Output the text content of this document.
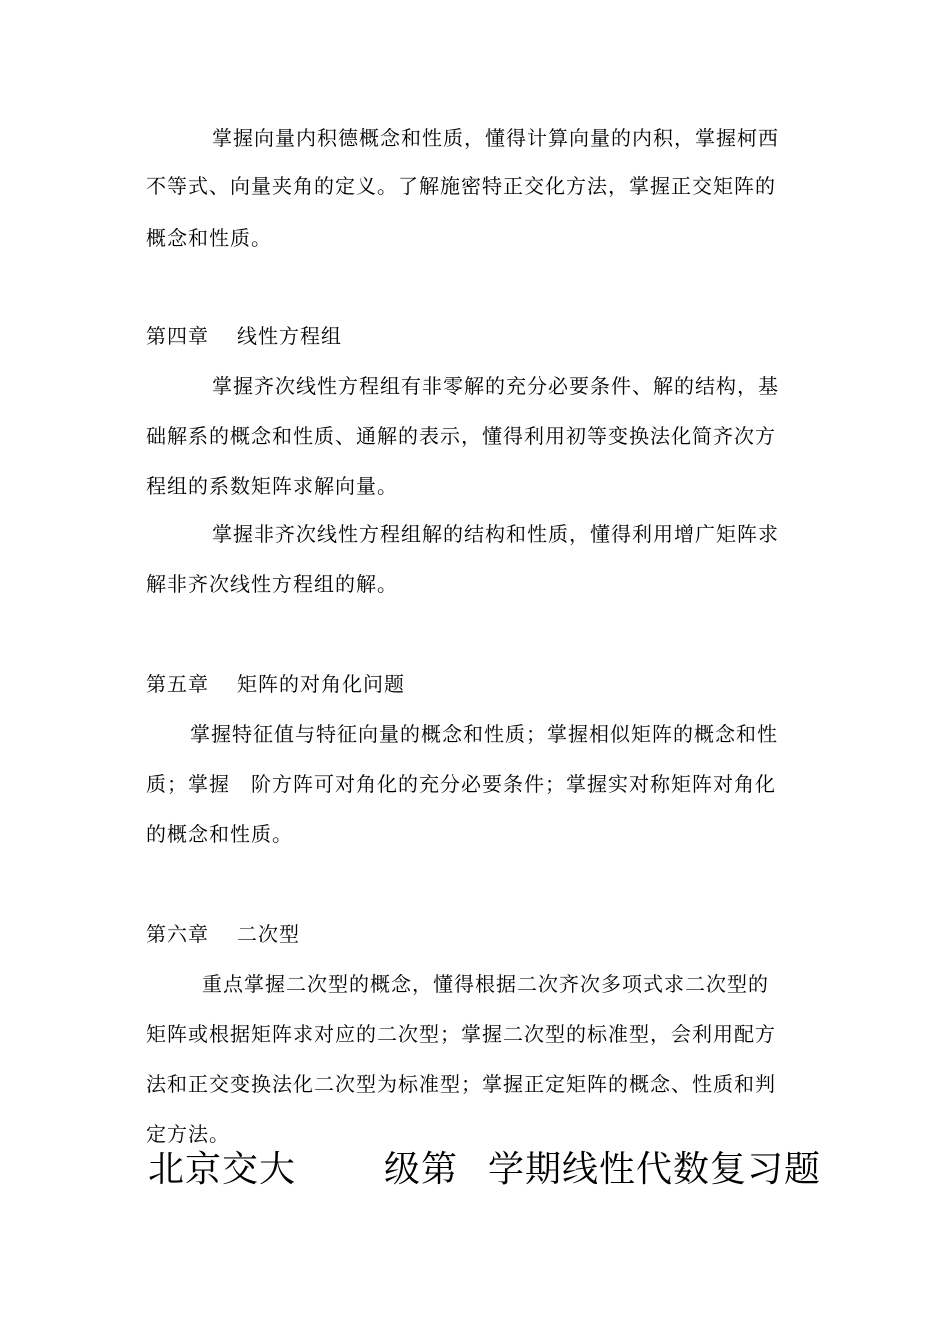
掌握向量内积德概念和性质，懂得计算向量的内积，掌握柯西
不等式、向量夹角的定义。了解施密特正交化方法，掌握正交矩阵的
概念和性质。
第四章 线性方程组
掌握齐次线性方程组有非零解的充分必要条件、解的结构，基
础解系的概念和性质、通解的表示，懂得利用初等变换法化简齐次方
程组的系数矩阵求解向量。
掌握非齐次线性方程组解的结构和性质，懂得利用增广矩阵求
解非齐次线性方程组的解。
第五章 矩阵的对角化问题
掌握特征值与特征向量的概念和性质；掌握相似矩阵的概念和性
质；掌握　阶方阵可对角化的充分必要条件；掌握实对称矩阵对角化
的概念和性质。
第六章 二次型
重点掌握二次型的概念，懂得根据二次齐次多项式求二次型的
矩阵或根据矩阵求对应的二次型；掌握二次型的标准型，会利用配方
法和正交变换法化二次型为标准型；掌握正定矩阵的概念、性质和判
定方法。
北京交大 级第 学期线性代数复习题
